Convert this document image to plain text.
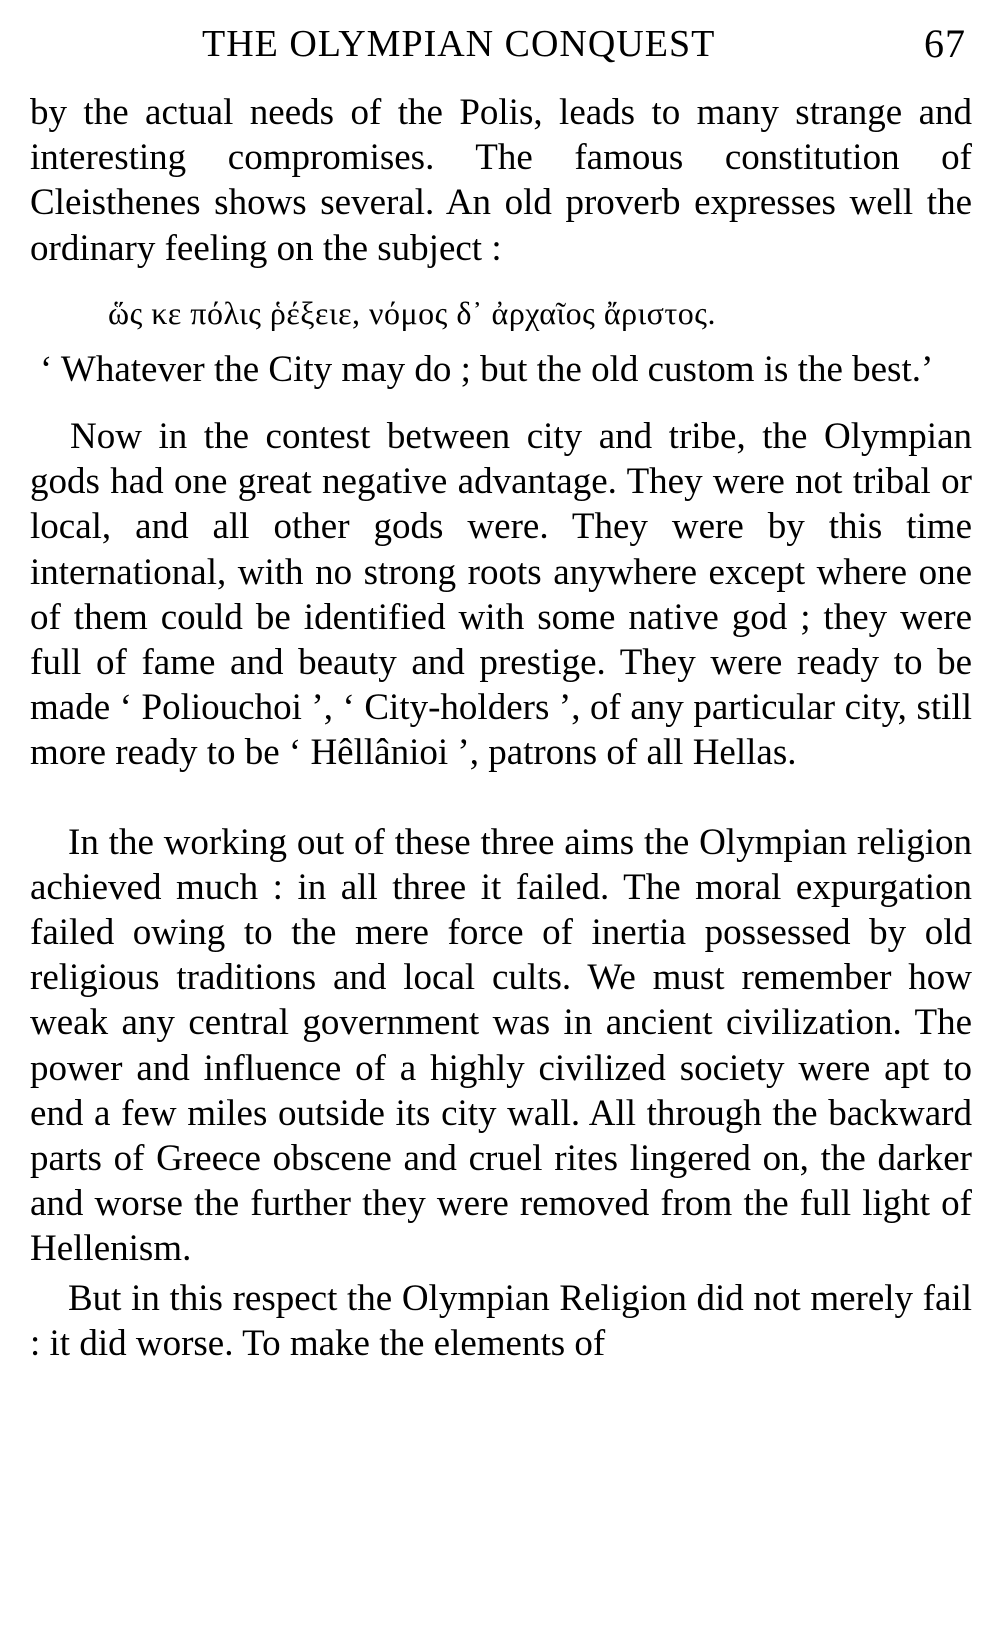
THE OLYMPIAN CONQUEST	67

by the actual needs of the Polis, leads to many strange and interesting compromises. The famous constitution of Cleisthenes shows several. An old proverb expresses well the ordinary feeling on the subject :

ὥς κε πόλις ῥέξειε, νόμος δ᾽ ἀρχαῖος ἄριστος.

‘ Whatever the City may do ; but the old custom is the best.’

Now in the contest between city and tribe, the Olympian gods had one great negative advantage. They were not tribal or local, and all other gods were. They were by this time international, with no strong roots anywhere except where one of them could be identified with some native god ; they were full of fame and beauty and prestige. They were ready to be made ‘ Poliouchoi ’, ‘ City-holders ’, of any particular city, still more ready to be ‘ Hêllânioi ’, patrons of all Hellas.

In the working out of these three aims the Olympian religion achieved much : in all three it failed. The moral expurgation failed owing to the mere force of inertia possessed by old religious traditions and local cults. We must remember how weak any central government was in ancient civilization. The power and influence of a highly civilized society were apt to end a few miles outside its city wall. All through the backward parts of Greece obscene and cruel rites lingered on, the darker and worse the further they were removed from the full light of Hellenism.

But in this respect the Olympian Religion did not merely fail : it did worse. To make the elements of
